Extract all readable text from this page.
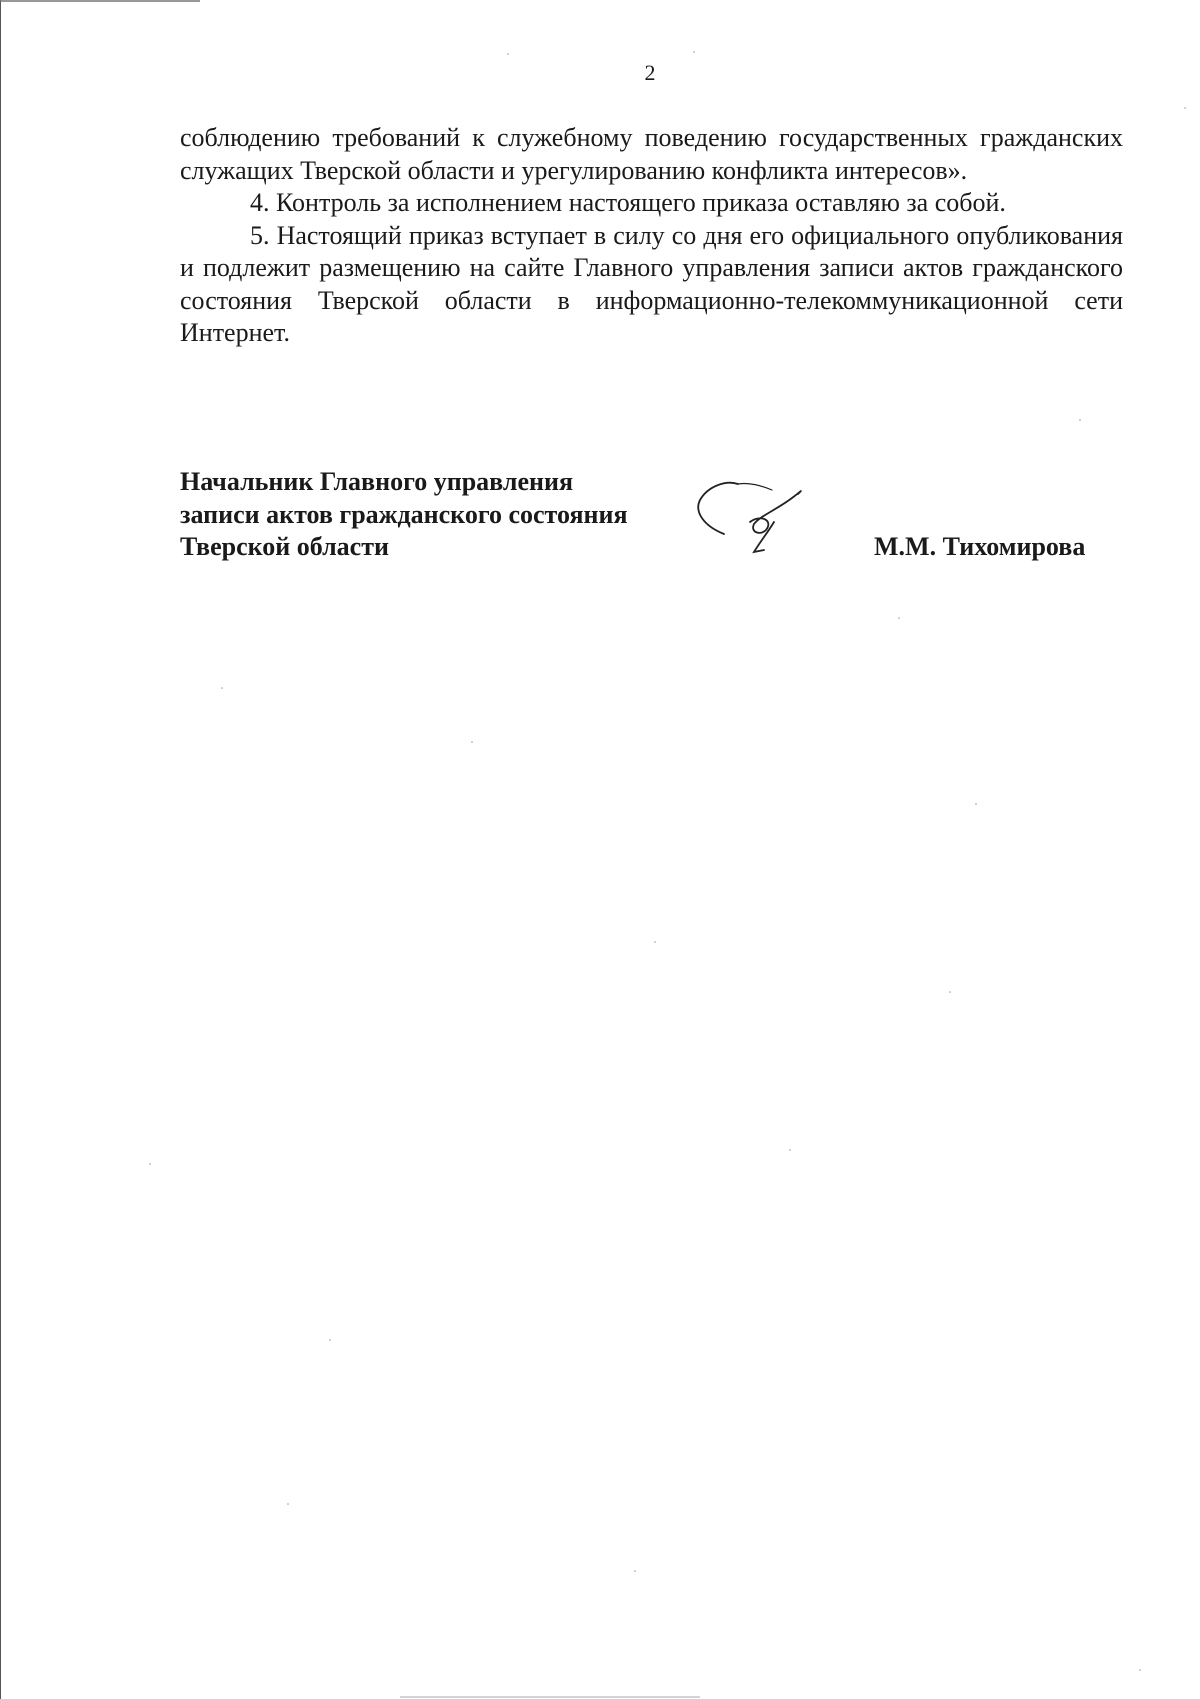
2

соблюдению требований к служебному поведению государственных гражданских служащих Тверской области и урегулированию конфликта интересов».

4. Контроль за исполнением настоящего приказа оставляю за собой.

5. Настоящий приказ вступает в силу со дня его официального опубликования и подлежит размещению на сайте Главного управления записи актов гражданского состояния Тверской области в информационно-телекоммуникационной сети Интернет.

Начальник Главного управления
записи актов гражданского состояния
Тверской области	М.М. Тихомирова
